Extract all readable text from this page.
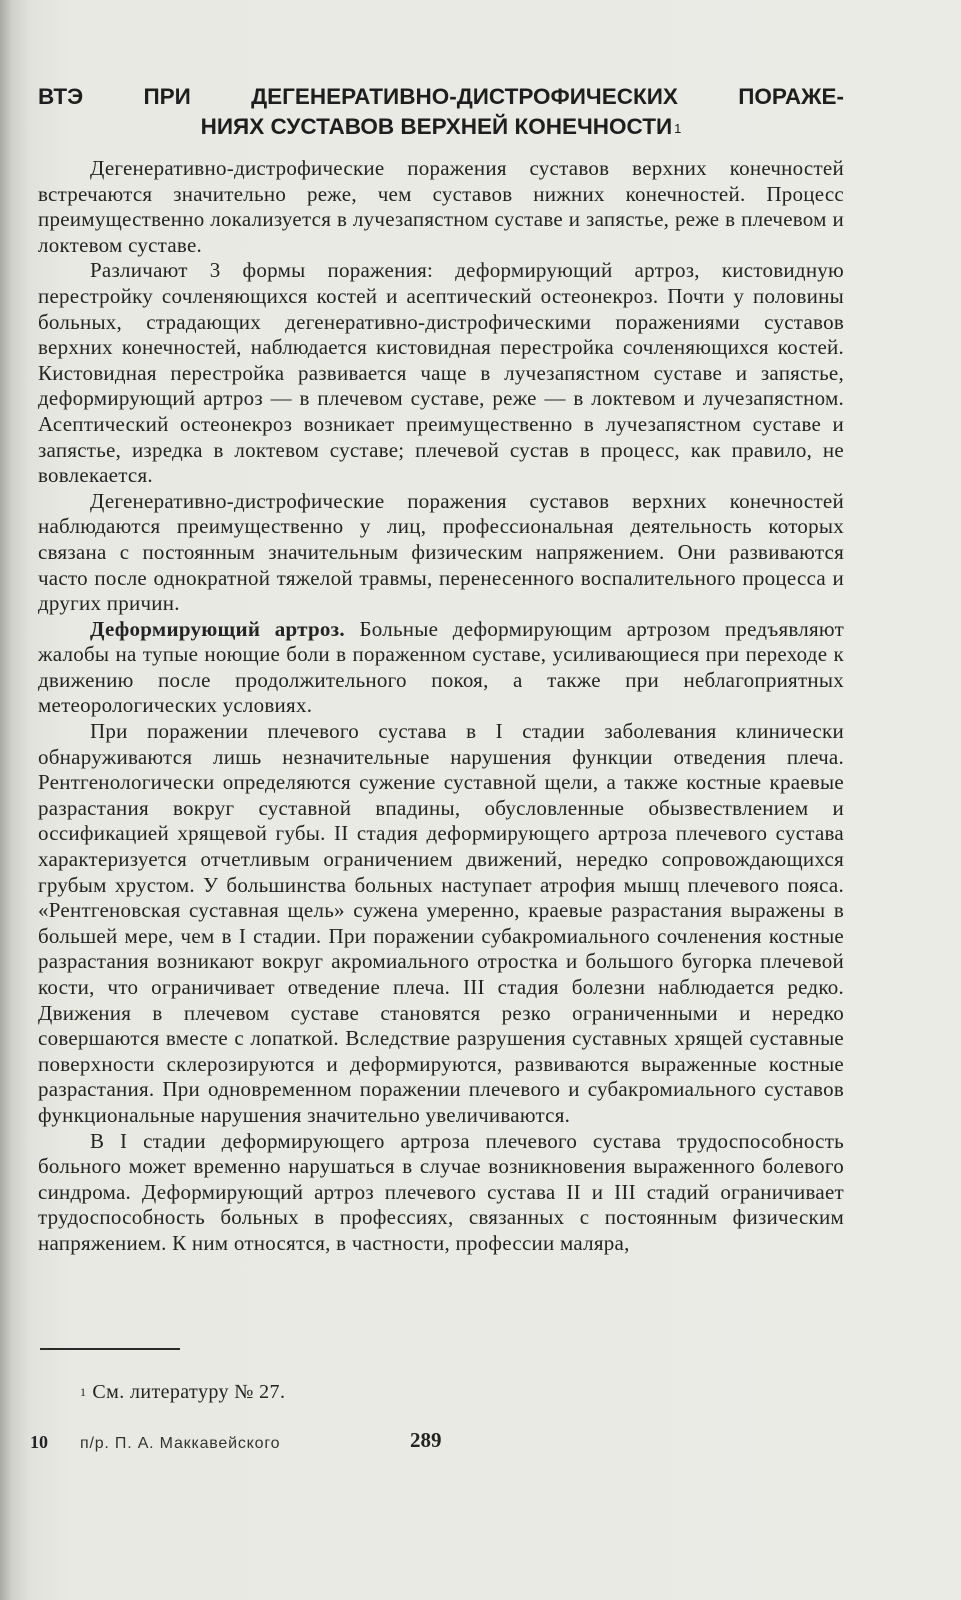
ВТЭ ПРИ ДЕГЕНЕРАТИВНО-ДИСТРОФИЧЕСКИХ ПОРАЖЕ-
НИЯХ СУСТАВОВ ВЕРХНЕЙ КОНЕЧНОСТИ $^1$

Дегенеративно-дистрофические поражения суставов верхних конечностей встречаются значительно реже, чем суставов нижних конечностей. Процесс преимущественно локализуется в лучезапястном суставе и запястье, реже в плечевом и локтевом суставе.

Различают 3 формы поражения: деформирующий артроз, кистовидную перестройку сочленяющихся костей и асептический остеонекроз. Почти у половины больных, страдающих дегенеративно-дистрофическими поражениями суставов верхних конечностей, наблюдается кистовидная перестройка сочленяющихся костей. Кистовидная перестройка развивается чаще в лучезапястном суставе и запястье, деформирующий артроз — в плечевом суставе, реже — в локтевом и лучезапястном. Асептический остеонекроз возникает преимущественно в лучезапястном суставе и запястье, изредка в локтевом суставе; плечевой сустав в процесс, как правило, не вовлекается.

Дегенеративно-дистрофические поражения суставов верхних конечностей наблюдаются преимущественно у лиц, профессиональная деятельность которых связана с постоянным значительным физическим напряжением. Они развиваются часто после однократной тяжелой травмы, перенесенного воспалительного процесса и других причин.

Деформирующий артроз. Больные деформирующим артрозом предъявляют жалобы на тупые ноющие боли в пораженном суставе, усиливающиеся при переходе к движению после продолжительного покоя, а также при неблагоприятных метеорологических условиях.

При поражении плечевого сустава в I стадии заболевания клинически обнаруживаются лишь незначительные нарушения функции отведения плеча. Рентгенологически определяются сужение суставной щели, а также костные краевые разрастания вокруг суставной впадины, обусловленные обызвествлением и оссификацией хрящевой губы. II стадия деформирующего артроза плечевого сустава характеризуется отчетливым ограничением движений, нередко сопровождающихся грубым хрустом. У большинства больных наступает атрофия мышц плечевого пояса. «Рентгеновская суставная щель» сужена умеренно, краевые разрастания выражены в большей мере, чем в I стадии. При поражении субакромиального сочленения костные разрастания возникают вокруг акромиального отростка и большого бугорка плечевой кости, что ограничивает отведение плеча. III стадия болезни наблюдается редко. Движения в плечевом суставе становятся резко ограниченными и нередко совершаются вместе с лопаткой. Вследствие разрушения суставных хрящей суставные поверхности склерозируются и деформируются, развиваются выраженные костные разрастания. При одновременном поражении плечевого и субакромиального суставов функциональные нарушения значительно увеличиваются.

В I стадии деформирующего артроза плечевого сустава трудоспособность больного может временно нарушаться в случае возникновения выраженного болевого синдрома. Деформирующий артроз плечевого сустава II и III стадий ограничивает трудоспособность больных в профессиях, связанных с постоянным физическим напряжением. К ним относятся, в частности, профессии маляра,

$^1$ См. литературу № 27.
10 п/р. П. А. Маккавейского	289
